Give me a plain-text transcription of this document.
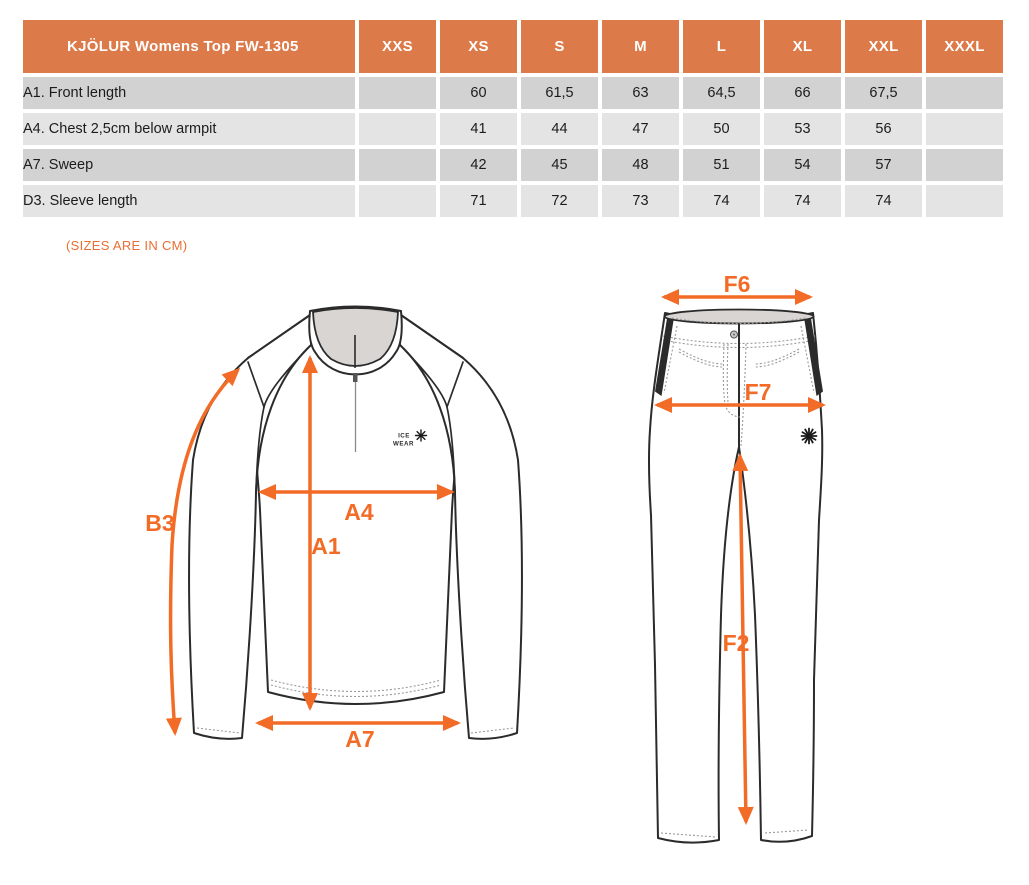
KJÖLUR Womens Top FW-1305	XXS	XS	S	M	L	XL	XXL	XXXL
A1. Front length		60	61,5	63	64,5	66	67,5	
A4. Chest 2,5cm below armpit		41	44	47	50	53	56	
A7. Sweep		42	45	48	51	54	57	
D3. Sleeve length		71	72	73	74	74	74	
(SIZES ARE IN CM)
ICE
WEAR
B3	A4
A1
A7
F6
F7
F2
